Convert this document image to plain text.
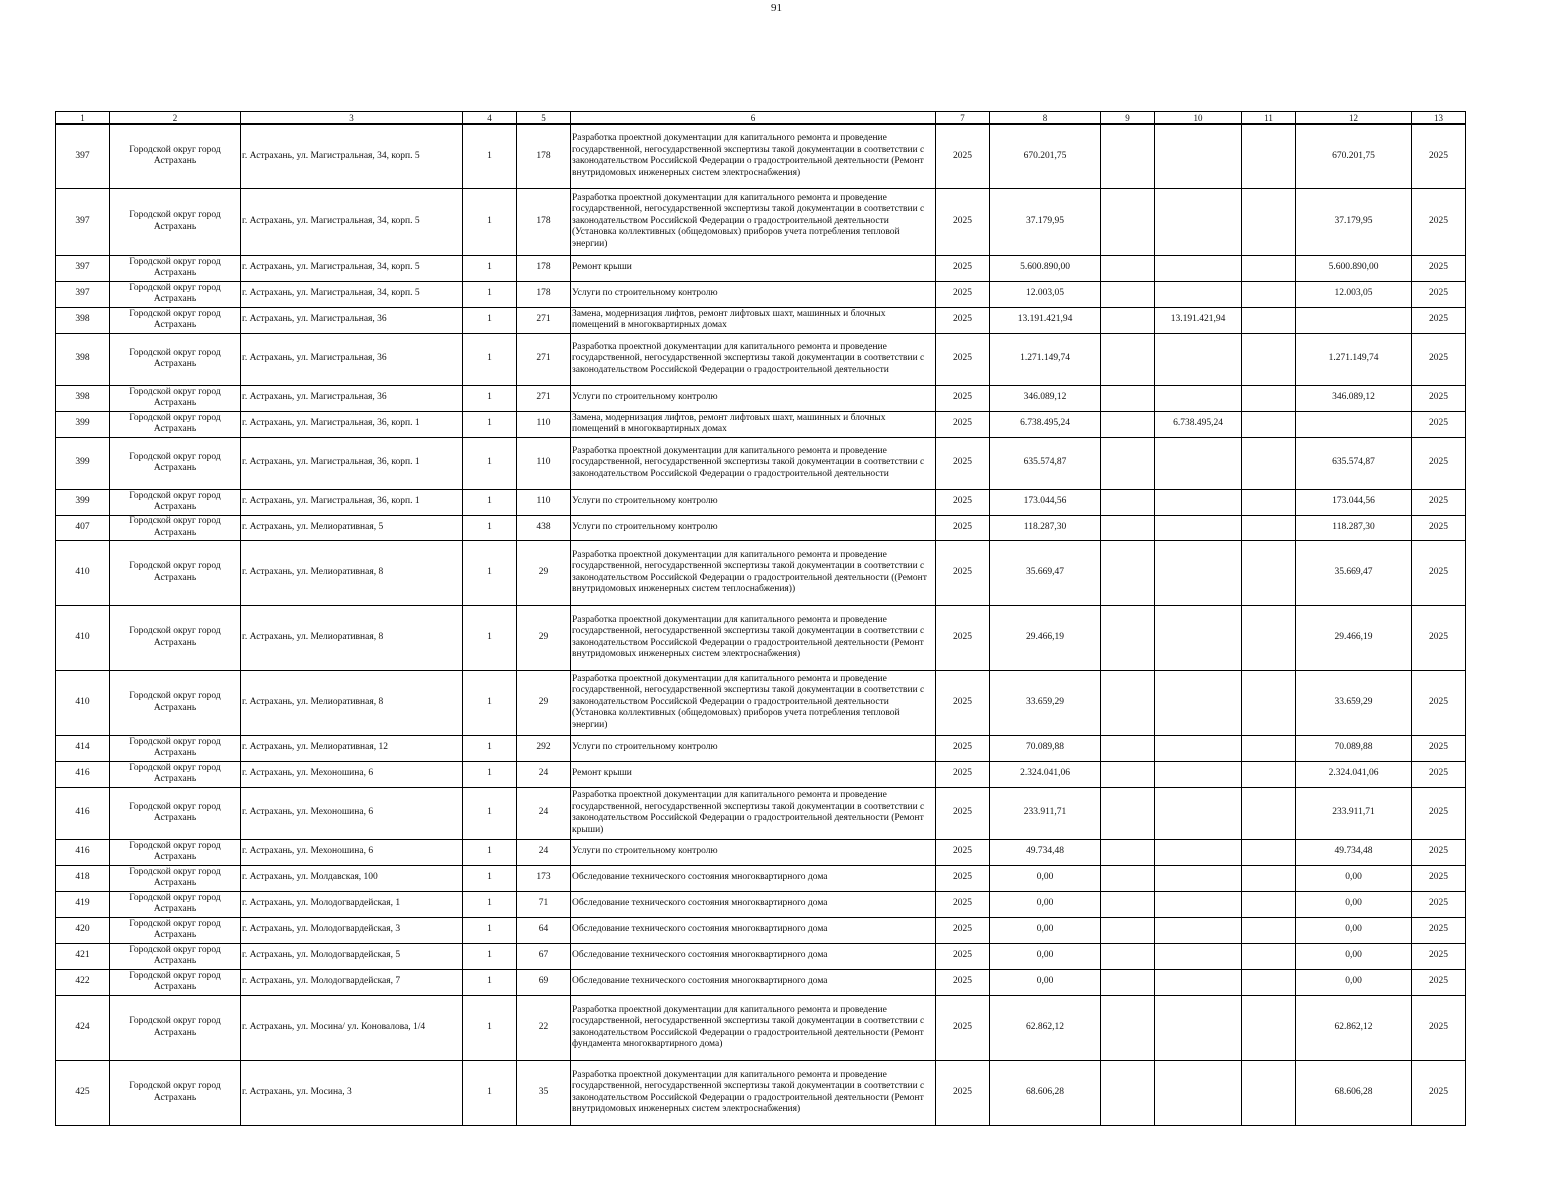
91
1	2	3	4	5	6	7	8	9	10	11	12	13
397	Городской округ город Астрахань	г. Астрахань, ул. Магистральная, 34, корп. 5	1	178	Разработка проектной документации для капитального ремонта и проведение государственной, негосударственной экспертизы такой документации в соответствии с законодательством Российской Федерации о градостроительной деятельности (Ремонт внутридомовых инженерных систем электроснабжения)	2025	670.201,75				670.201,75	2025
397	Городской округ город Астрахань	г. Астрахань, ул. Магистральная, 34, корп. 5	1	178	Разработка проектной документации для капитального ремонта и проведение государственной, негосударственной экспертизы такой документации в соответствии с законодательством Российской Федерации о градостроительной деятельности (Установка коллективных (общедомовых) приборов учета потребления тепловой энергии)	2025	37.179,95				37.179,95	2025
397	Городской округ город Астрахань	г. Астрахань, ул. Магистральная, 34, корп. 5	1	178	Ремонт крыши	2025	5.600.890,00				5.600.890,00	2025
397	Городской округ город Астрахань	г. Астрахань, ул. Магистральная, 34, корп. 5	1	178	Услуги по строительному контролю	2025	12.003,05				12.003,05	2025
398	Городской округ город Астрахань	г. Астрахань, ул. Магистральная, 36	1	271	Замена, модернизация лифтов, ремонт лифтовых шахт, машинных и блочных помещений в многоквартирных домах	2025	13.191.421,94		13.191.421,94			2025
398	Городской округ город Астрахань	г. Астрахань, ул. Магистральная, 36	1	271	Разработка проектной документации для капитального ремонта и проведение государственной, негосударственной экспертизы такой документации в соответствии с законодательством Российской Федерации о градостроительной деятельности	2025	1.271.149,74				1.271.149,74	2025
398	Городской округ город Астрахань	г. Астрахань, ул. Магистральная, 36	1	271	Услуги по строительному контролю	2025	346.089,12				346.089,12	2025
399	Городской округ город Астрахань	г. Астрахань, ул. Магистральная, 36, корп. 1	1	110	Замена, модернизация лифтов, ремонт лифтовых шахт, машинных и блочных помещений в многоквартирных домах	2025	6.738.495,24		6.738.495,24			2025
399	Городской округ город Астрахань	г. Астрахань, ул. Магистральная, 36, корп. 1	1	110	Разработка проектной документации для капитального ремонта и проведение государственной, негосударственной экспертизы такой документации в соответствии с законодательством Российской Федерации о градостроительной деятельности	2025	635.574,87				635.574,87	2025
399	Городской округ город Астрахань	г. Астрахань, ул. Магистральная, 36, корп. 1	1	110	Услуги по строительному контролю	2025	173.044,56				173.044,56	2025
407	Городской округ город Астрахань	г. Астрахань, ул. Мелиоративная, 5	1	438	Услуги по строительному контролю	2025	118.287,30				118.287,30	2025
410	Городской округ город Астрахань	г. Астрахань, ул. Мелиоративная, 8	1	29	Разработка проектной документации для капитального ремонта и проведение государственной, негосударственной экспертизы такой документации в соответствии с законодательством Российской Федерации о градостроительной деятельности ((Ремонт внутридомовых инженерных систем теплоснабжения))	2025	35.669,47				35.669,47	2025
410	Городской округ город Астрахань	г. Астрахань, ул. Мелиоративная, 8	1	29	Разработка проектной документации для капитального ремонта и проведение государственной, негосударственной экспертизы такой документации в соответствии с законодательством Российской Федерации о градостроительной деятельности (Ремонт внутридомовых инженерных систем электроснабжения)	2025	29.466,19				29.466,19	2025
410	Городской округ город Астрахань	г. Астрахань, ул. Мелиоративная, 8	1	29	Разработка проектной документации для капитального ремонта и проведение государственной, негосударственной экспертизы такой документации в соответствии с законодательством Российской Федерации о градостроительной деятельности (Установка коллективных (общедомовых) приборов учета потребления тепловой энергии)	2025	33.659,29				33.659,29	2025
414	Городской округ город Астрахань	г. Астрахань, ул. Мелиоративная, 12	1	292	Услуги по строительному контролю	2025	70.089,88				70.089,88	2025
416	Городской округ город Астрахань	г. Астрахань, ул. Мехоношина, 6	1	24	Ремонт крыши	2025	2.324.041,06				2.324.041,06	2025
416	Городской округ город Астрахань	г. Астрахань, ул. Мехоношина, 6	1	24	Разработка проектной документации для капитального ремонта и проведение государственной, негосударственной экспертизы такой документации в соответствии с законодательством Российской Федерации о градостроительной деятельности (Ремонт крыши)	2025	233.911,71				233.911,71	2025
416	Городской округ город Астрахань	г. Астрахань, ул. Мехоношина, 6	1	24	Услуги по строительному контролю	2025	49.734,48				49.734,48	2025
418	Городской округ город Астрахань	г. Астрахань, ул. Молдавская, 100	1	173	Обследование технического состояния многоквартирного дома	2025	0,00				0,00	2025
419	Городской округ город Астрахань	г. Астрахань, ул. Молодогвардейская, 1	1	71	Обследование технического состояния многоквартирного дома	2025	0,00				0,00	2025
420	Городской округ город Астрахань	г. Астрахань, ул. Молодогвардейская, 3	1	64	Обследование технического состояния многоквартирного дома	2025	0,00				0,00	2025
421	Городской округ город Астрахань	г. Астрахань, ул. Молодогвардейская, 5	1	67	Обследование технического состояния многоквартирного дома	2025	0,00				0,00	2025
422	Городской округ город Астрахань	г. Астрахань, ул. Молодогвардейская, 7	1	69	Обследование технического состояния многоквартирного дома	2025	0,00				0,00	2025
424	Городской округ город Астрахань	г. Астрахань, ул. Мосина/ ул. Коновалова, 1/4	1	22	Разработка проектной документации для капитального ремонта и проведение государственной, негосударственной экспертизы такой документации в соответствии с законодательством Российской Федерации о градостроительной деятельности (Ремонт фундамента многоквартирного дома)	2025	62.862,12				62.862,12	2025
425	Городской округ город Астрахань	г. Астрахань, ул. Мосина, 3	1	35	Разработка проектной документации для капитального ремонта и проведение государственной, негосударственной экспертизы такой документации в соответствии с законодательством Российской Федерации о градостроительной деятельности (Ремонт внутридомовых инженерных систем электроснабжения)	2025	68.606,28				68.606,28	2025
